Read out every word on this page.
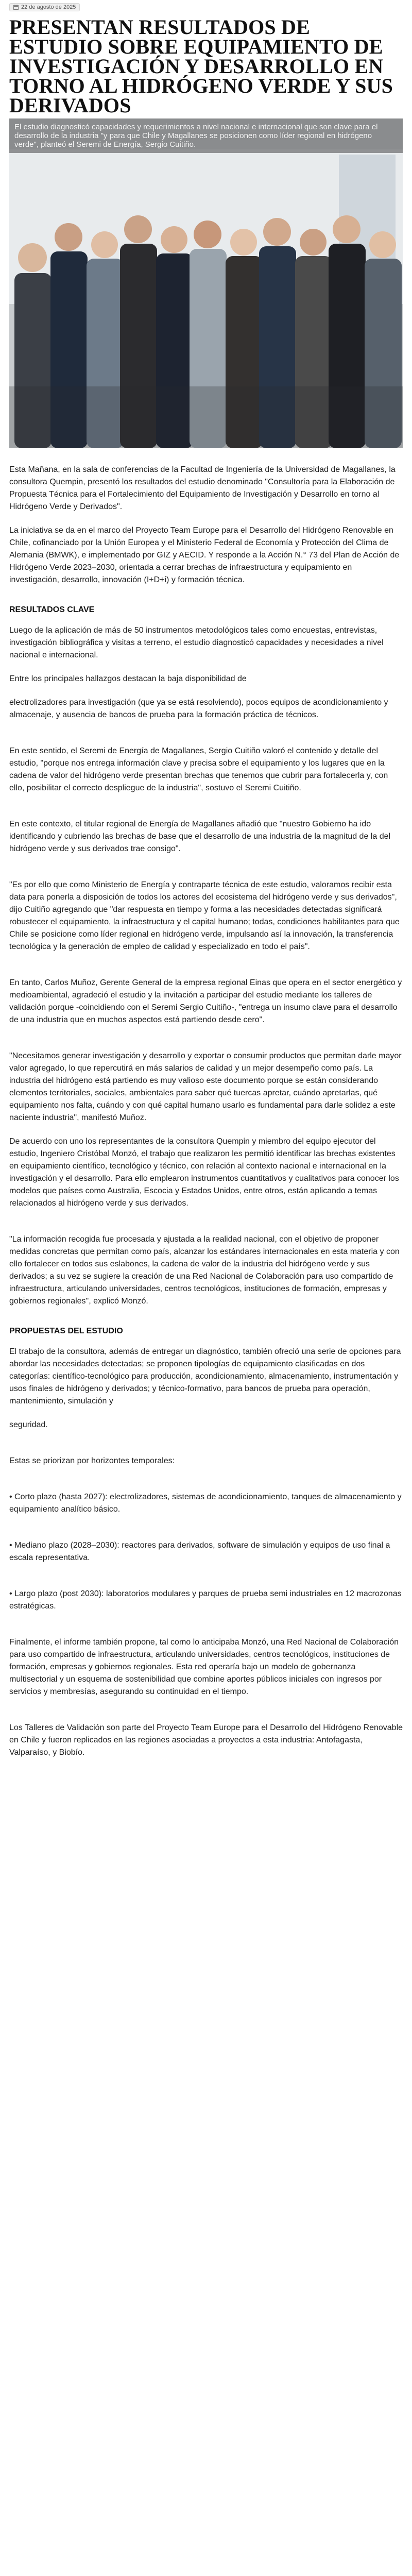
22 de agosto de 2025
PRESENTAN RESULTADOS DE ESTUDIO SOBRE EQUIPAMIENTO DE INVESTIGACIÓN Y DESARROLLO EN TORNO AL HIDRÓGENO VERDE Y SUS DERIVADOS
El estudio diagnosticó capacidades y requerimientos a nivel nacional e internacional que son clave para el desarrollo de la industria "y para que Chile y Magallanes se posicionen como líder regional en hidrógeno verde", planteó el Seremi de Energía, Sergio Cuitiño.

Esta Mañana, en la sala de conferencias de la Facultad de Ingeniería de la Universidad de Magallanes, la consultora Quempin, presentó los resultados del estudio denominado "Consultoría para la Elaboración de Propuesta Técnica para el Fortalecimiento del Equipamiento de Investigación y Desarrollo en torno al Hidrógeno Verde y Derivados".

La iniciativa se da en el marco del Proyecto Team Europe para el Desarrollo del Hidrógeno Renovable en Chile, cofinanciado por la Unión Europea y el Ministerio Federal de Economía y Protección del Clima de Alemania (BMWK), e implementado por GIZ y AECID. Y responde a la Acción N.° 73 del Plan de Acción de Hidrógeno Verde 2023–2030, orientada a cerrar brechas de infraestructura y equipamiento en investigación, desarrollo, innovación (I+D+i) y formación técnica.

RESULTADOS CLAVE

Luego de la aplicación de más de 50 instrumentos metodológicos tales como encuestas, entrevistas, investigación bibliográfica y visitas a terreno, el estudio diagnosticó capacidades y necesidades a nivel nacional e internacional.

Entre los principales hallazgos destacan la baja disponibilidad de

electrolizadores para investigación (que ya se está resolviendo), pocos equipos de acondicionamiento y almacenaje, y ausencia de bancos de prueba para la formación práctica de técnicos.

En este sentido, el Seremi de Energía de Magallanes, Sergio Cuitiño valoró el contenido y detalle del estudio, "porque nos entrega información clave y precisa sobre el equipamiento y los lugares que en la cadena de valor del hidrógeno verde presentan brechas que tenemos que cubrir para fortalecerla y, con ello, posibilitar el correcto despliegue de la industria", sostuvo el Seremi Cuitiño.

En este contexto, el titular regional de Energía de Magallanes añadió que "nuestro Gobierno ha ido identificando y cubriendo las brechas de base que el desarrollo de una industria de la magnitud de la del hidrógeno verde y sus derivados trae consigo".

"Es por ello que como Ministerio de Energía y contraparte técnica de este estudio, valoramos recibir esta data para ponerla a disposición de todos los actores del ecosistema del hidrógeno verde y sus derivados", dijo Cuitiño agregando que "dar respuesta en tiempo y forma a las necesidades detectadas significará robustecer el equipamiento, la infraestructura y el capital humano; todas, condiciones habilitantes para que Chile se posicione como líder regional en hidrógeno verde, impulsando así la innovación, la transferencia tecnológica y la generación de empleo de calidad y especializado en todo el país".

En tanto, Carlos Muñoz, Gerente General de la empresa regional Einas que opera en el sector energético y medioambiental, agradeció el estudio y la invitación a participar del estudio mediante los talleres de validación porque -coincidiendo con el Seremi Sergio Cuitiño-, "entrega un insumo clave para el desarrollo de una industria que en muchos aspectos está partiendo desde cero".

"Necesitamos generar investigación y desarrollo y exportar o consumir productos que permitan darle mayor valor agregado, lo que repercutirá en más salarios de calidad y un mejor desempeño como país. La industria del hidrógeno está partiendo es muy valioso este documento porque se están considerando elementos territoriales, sociales, ambientales para saber qué tuercas apretar, cuándo apretarlas, qué equipamiento nos falta, cuándo y con qué capital humano usarlo es fundamental para darle solidez a este naciente industria", manifestó Muñoz.

De acuerdo con uno los representantes de la consultora Quempin y miembro del equipo ejecutor del estudio, Ingeniero Cristóbal Monzó, el trabajo que realizaron les permitió identificar las brechas existentes en equipamiento científico, tecnológico y técnico, con relación al contexto nacional e internacional en la investigación y el desarrollo. Para ello emplearon instrumentos cuantitativos y cualitativos para conocer los modelos que países como Australia, Escocia y Estados Unidos, entre otros, están aplicando a temas relacionados al hidrógeno verde y sus derivados.

"La información recogida fue procesada y ajustada a la realidad nacional, con el objetivo de proponer medidas concretas que permitan como país, alcanzar los estándares internacionales en esta materia y con ello fortalecer en todos sus eslabones, la cadena de valor de la industria del hidrógeno verde y sus derivados; a su vez se sugiere la creación de una Red Nacional de Colaboración para uso compartido de infraestructura, articulando universidades, centros tecnológicos, instituciones de formación, empresas y gobiernos regionales", explicó Monzó.

PROPUESTAS DEL ESTUDIO

El trabajo de la consultora, además de entregar un diagnóstico, también ofreció una serie de opciones para abordar las necesidades detectadas; se proponen tipologías de equipamiento clasificadas en dos categorías: científico-tecnológico para producción, acondicionamiento, almacenamiento, instrumentación y usos finales de hidrógeno y derivados; y técnico-formativo, para bancos de prueba para operación, mantenimiento, simulación y

seguridad.

Estas se priorizan por horizontes temporales:

• Corto plazo (hasta 2027): electrolizadores, sistemas de acondicionamiento, tanques de almacenamiento y equipamiento analítico básico.

• Mediano plazo (2028–2030): reactores para derivados, software de simulación y equipos de uso final a escala representativa.

• Largo plazo (post 2030): laboratorios modulares y parques de prueba semi industriales en 12 macrozonas estratégicas.

Finalmente, el informe también propone, tal como lo anticipaba Monzó, una Red Nacional de Colaboración para uso compartido de infraestructura, articulando universidades, centros tecnológicos, instituciones de formación, empresas y gobiernos regionales. Esta red operaría bajo un modelo de gobernanza multisectorial y un esquema de sostenibilidad que combine aportes públicos iniciales con ingresos por servicios y membresías, asegurando su continuidad en el tiempo.

Los Talleres de Validación son parte del Proyecto Team Europe para el Desarrollo del Hidrógeno Renovable en Chile y fueron replicados en las regiones asociadas a proyectos a esta industria: Antofagasta, Valparaíso, y Biobío.
